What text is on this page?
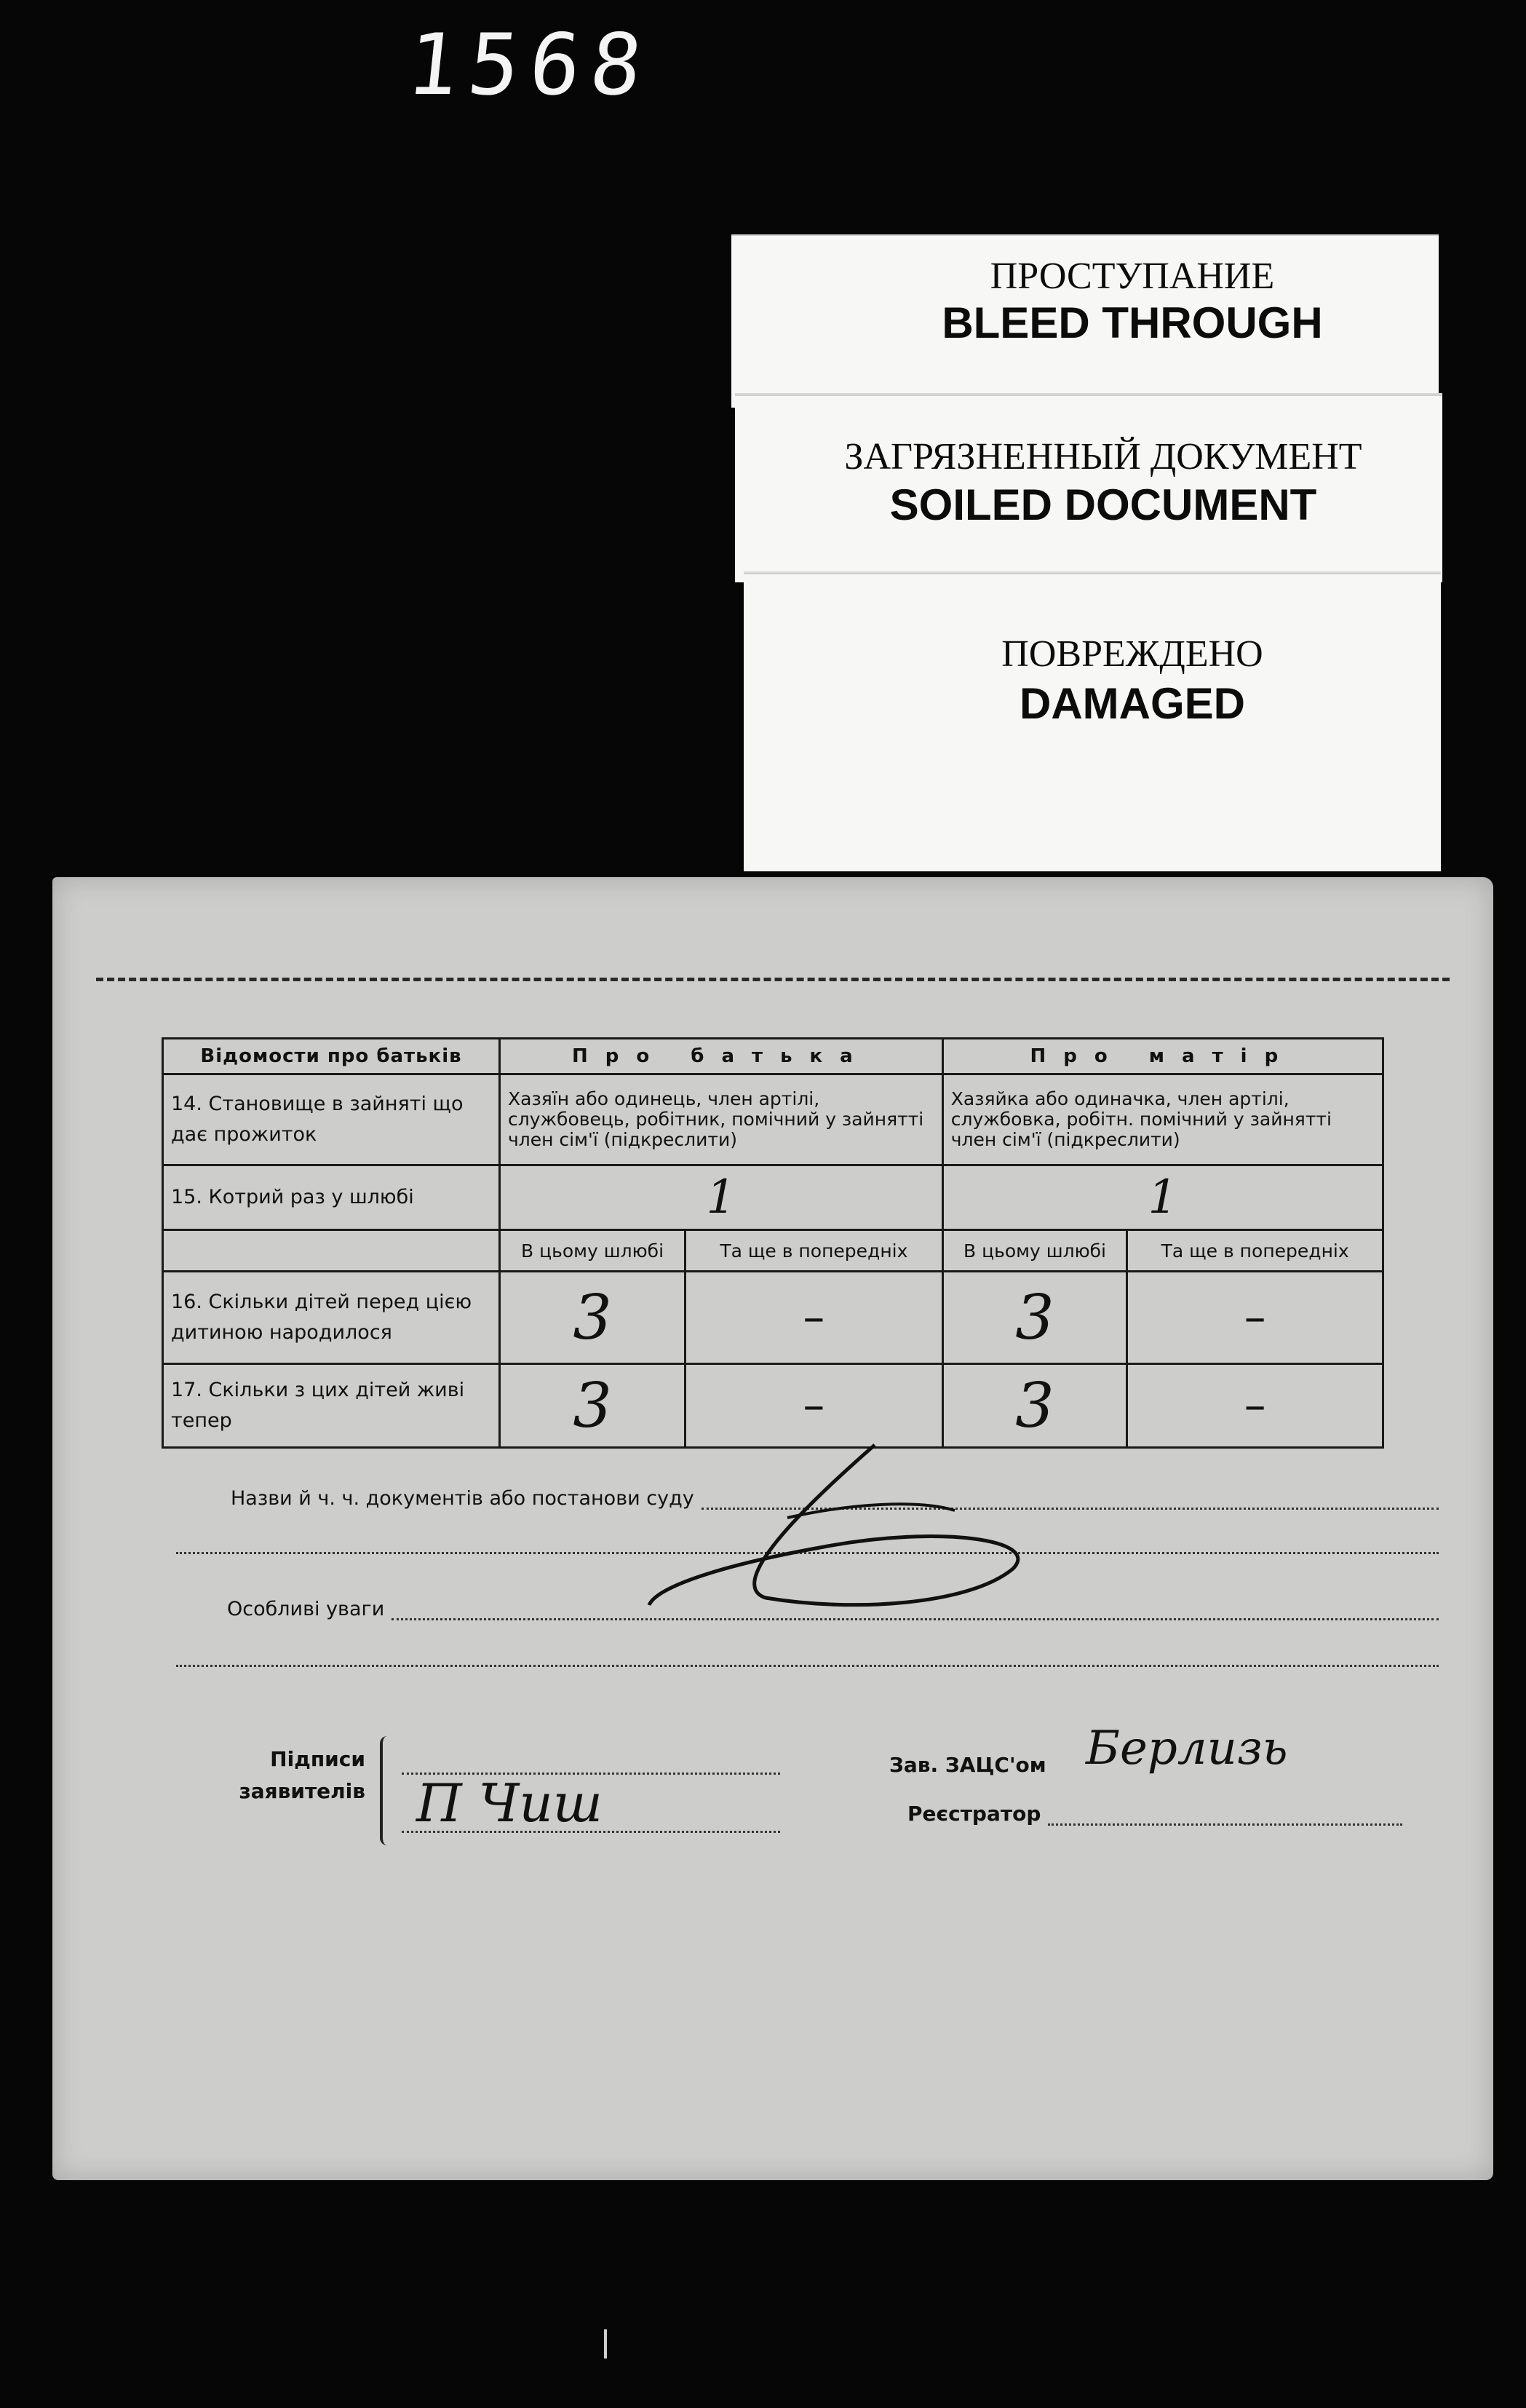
1568
ПРОСТУПАНИЕ
BLEED THROUGH
ЗАГРЯЗНЕННЫЙ ДОКУМЕНТ
SOILED DOCUMENT
ПОВРЕЖДЕНО
DAMAGED
Відомости про батьків	Про батька		Про матір	
14. Становище в зайняті що дає прожиток	Хазяїн або одинець, член артілі, службовець, робітник, помічний у зайнятті член сім'ї (підкреслити)		Хазяйка або одиначка, член артілі, службовка, робітн. помічний у зайнятті член сім'ї (підкреслити)	
15. Котрий раз у шлюбі	1		1	
	В цьому шлюбі	Та ще в попередніх	В цьому шлюбі	Та ще в попередніх
16. Скільки дітей перед цією дитиною народилося	3	–	3	–
17. Скільки з цих дітей живі тепер	3	–	3	–
Назви й ч. ч. документів або постанови суду
Особливі уваги
Підписи заявителів П Чиш
Зав. ЗАЦС'ом Берлизь
Реєстратор
